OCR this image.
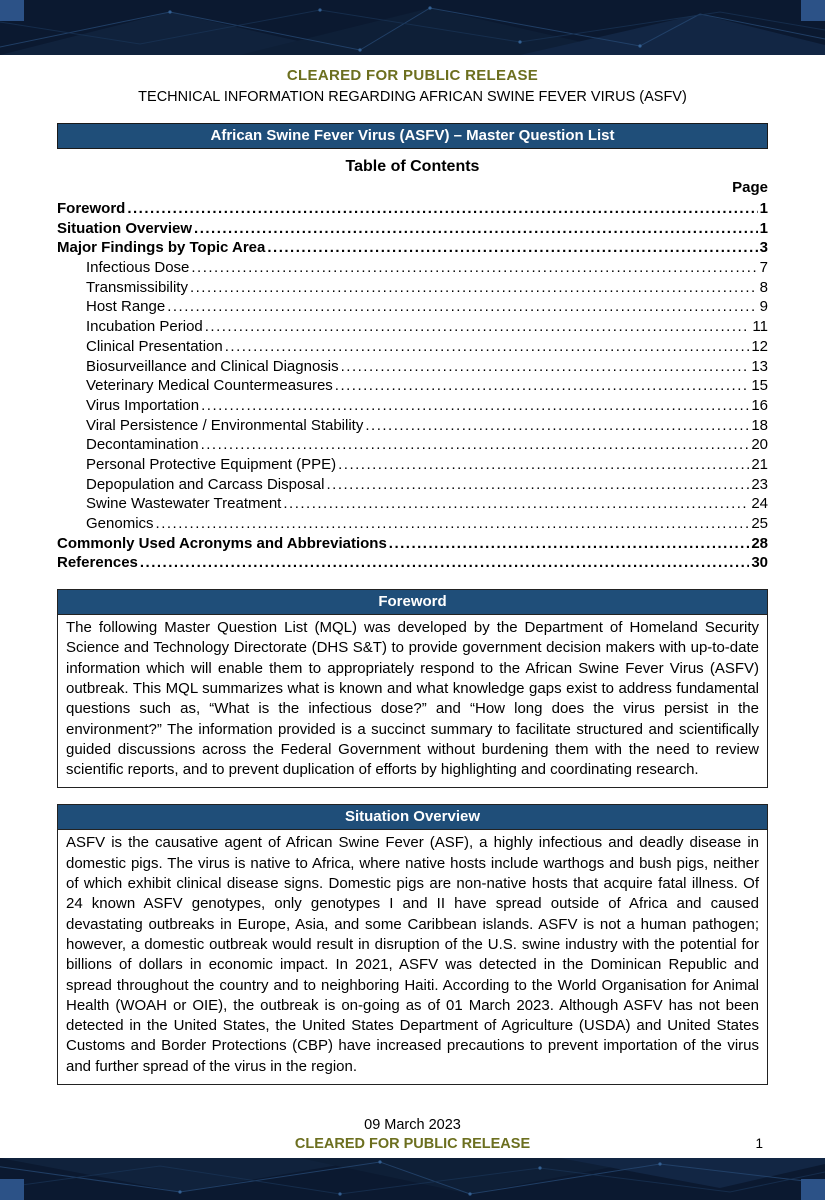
CLEARED FOR PUBLIC RELEASE
TECHNICAL INFORMATION REGARDING AFRICAN SWINE FEVER VIRUS (ASFV)
African Swine Fever Virus (ASFV) – Master Question List
Table of Contents
Page
Foreword .....	1
Situation Overview .....	1
Major Findings by Topic Area .....	3
Infectious Dose .....	7
Transmissibility .....	8
Host Range .....	9
Incubation Period .....	11
Clinical Presentation .....	12
Biosurveillance and Clinical Diagnosis .....	13
Veterinary Medical Countermeasures .....	15
Virus Importation .....	16
Viral Persistence / Environmental Stability .....	18
Decontamination .....	20
Personal Protective Equipment (PPE) .....	21
Depopulation and Carcass Disposal .....	23
Swine Wastewater Treatment .....	24
Genomics .....	25
Commonly Used Acronyms and Abbreviations .....	28
References .....	30
Foreword
The following Master Question List (MQL) was developed by the Department of Homeland Security Science and Technology Directorate (DHS S&T) to provide government decision makers with up-to-date information which will enable them to appropriately respond to the African Swine Fever Virus (ASFV) outbreak. This MQL summarizes what is known and what knowledge gaps exist to address fundamental questions such as, “What is the infectious dose?” and “How long does the virus persist in the environment?” The information provided is a succinct summary to facilitate structured and scientifically guided discussions across the Federal Government without burdening them with the need to review scientific reports, and to prevent duplication of efforts by highlighting and coordinating research.
Situation Overview
ASFV is the causative agent of African Swine Fever (ASF), a highly infectious and deadly disease in domestic pigs. The virus is native to Africa, where native hosts include warthogs and bush pigs, neither of which exhibit clinical disease signs. Domestic pigs are non-native hosts that acquire fatal illness. Of 24 known ASFV genotypes, only genotypes I and II have spread outside of Africa and caused devastating outbreaks in Europe, Asia, and some Caribbean islands. ASFV is not a human pathogen; however, a domestic outbreak would result in disruption of the U.S. swine industry with the potential for billions of dollars in economic impact. In 2021, ASFV was detected in the Dominican Republic and spread throughout the country and to neighboring Haiti. According to the World Organisation for Animal Health (WOAH or OIE), the outbreak is on-going as of 01 March 2023. Although ASFV has not been detected in the United States, the United States Department of Agriculture (USDA) and United States Customs and Border Protections (CBP) have increased precautions to prevent importation of the virus and further spread of the virus in the region.
09 March 2023
CLEARED FOR PUBLIC RELEASE	1
